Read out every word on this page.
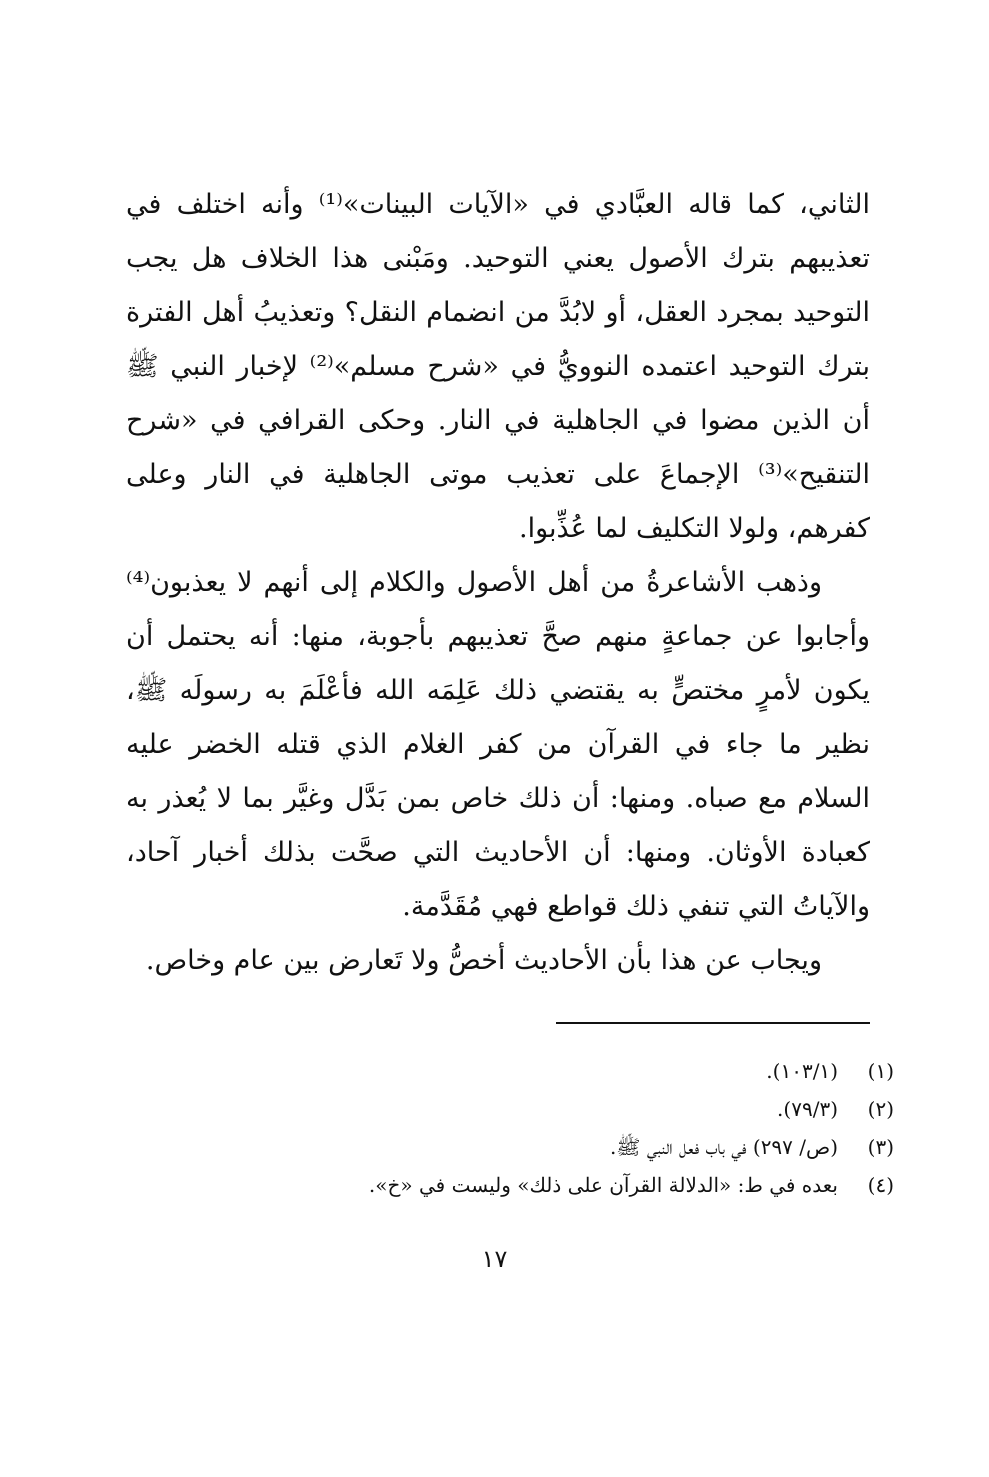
الثاني، كما قاله العبَّادي في «الآيات البينات»⁽¹⁾ وأنه اختلف في تعذيبهم بترك الأصول يعني التوحيد. ومَبْنى هذا الخلاف هل يجب التوحيد بمجرد العقل، أو لابُدَّ من انضمام النقل؟ وتعذيبُ أهل الفترة بترك التوحيد اعتمده النوويُّ في «شرح مسلم»⁽²⁾ لإخبار النبي ﷺ أن الذين مضوا في الجاهلية في النار. وحكى القرافي في «شرح التنقيح»⁽³⁾ الإجماعَ على تعذيب موتى الجاهلية في النار وعلى كفرهم، ولولا التكليف لما عُذِّبوا.

وذهب الأشاعرةُ من أهل الأصول والكلام إلى أنهم لا يعذبون⁽⁴⁾ وأجابوا عن جماعةٍ منهم صحَّ تعذيبهم بأجوبة، منها: أنه يحتمل أن يكون لأمرٍ مختصٍّ به يقتضي ذلك عَلِمَه الله فأعْلَمَ به رسولَه ﷺ، نظير ما جاء في القرآن من كفر الغلام الذي قتله الخضر عليه السلام مع صباه. ومنها: أن ذلك خاص بمن بَدَّل وغيَّر بما لا يُعذر به كعبادة الأوثان. ومنها: أن الأحاديث التي صحَّت بذلك أخبار آحاد، والآياتُ التي تنفي ذلك قواطع فهي مُقَدَّمة.

ويجاب عن هذا بأن الأحاديث أخصُّ ولا تَعارض بين عام وخاص.

(١)
(١٠٣/١).
(٢)
(٧٩/٣).
(٣)
(ص/ ٢٩٧) في باب فعل النبي ﷺ.
(٤)
بعده في ط: «الدلالة القرآن على ذلك» وليست في «خ».
١٧
